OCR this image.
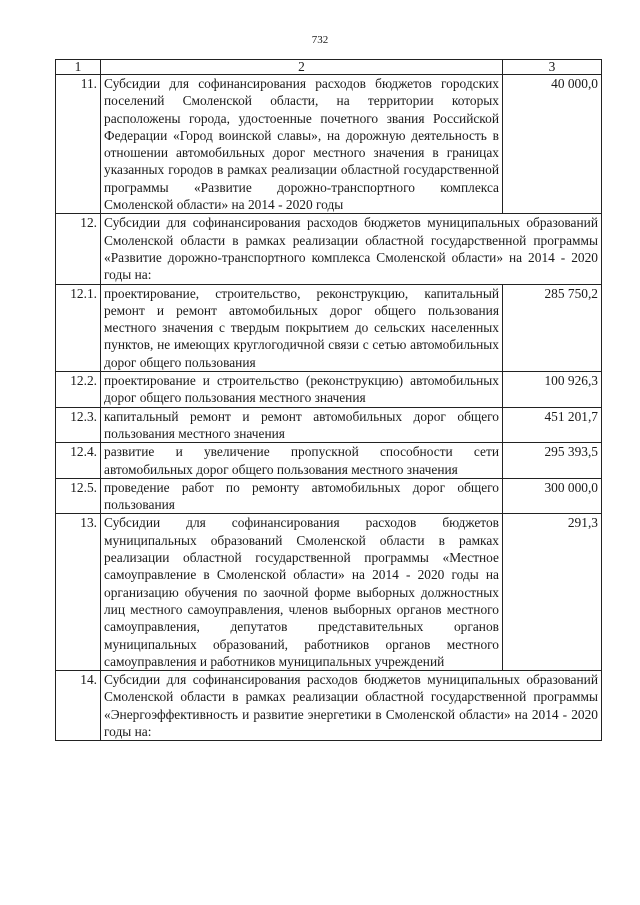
732
1	2	3
11.	Субсидии для софинансирования расходов бюджетов городских поселений Смоленской области, на территории которых расположены города, удостоенные почетного звания Российской Федерации «Город воинской славы», на дорожную деятельность в отношении автомобильных дорог местного значения в границах указанных городов в рамках реализации областной государственной программы «Развитие дорожно-транспортного комплекса Смоленской области» на 2014 - 2020 годы	40 000,0
12.	Субсидии для софинансирования расходов бюджетов муниципальных образований Смоленской области в рамках реализации областной государственной программы «Развитие дорожно-транспортного комплекса Смоленской области» на 2014 - 2020 годы на:	
12.1.	проектирование, строительство, реконструкцию, капитальный ремонт и ремонт автомобильных дорог общего пользования местного значения с твердым покрытием до сельских населенных пунктов, не имеющих круглогодичной связи с сетью автомобильных дорог общего пользования	285 750,2
12.2.	проектирование и строительство (реконструкцию) автомобильных дорог общего пользования местного значения	100 926,3
12.3.	капитальный ремонт и ремонт автомобильных дорог общего пользования местного значения	451 201,7
12.4.	развитие и увеличение пропускной способности сети автомобильных дорог общего пользования местного значения	295 393,5
12.5.	проведение работ по ремонту автомобильных дорог общего пользования	300 000,0
13.	Субсидии для софинансирования расходов бюджетов муниципальных образований Смоленской области в рамках реализации областной государственной программы «Местное самоуправление в Смоленской области» на 2014 - 2020 годы на организацию обучения по заочной форме выборных должностных лиц местного самоуправления, членов выборных органов местного самоуправления, депутатов представительных органов муниципальных образований, работников органов местного самоуправления и работников муниципальных учреждений	291,3
14.	Субсидии для софинансирования расходов бюджетов муниципальных образований Смоленской области в рамках реализации областной государственной программы «Энергоэффективность и развитие энергетики в Смоленской области» на 2014 - 2020 годы на:	
